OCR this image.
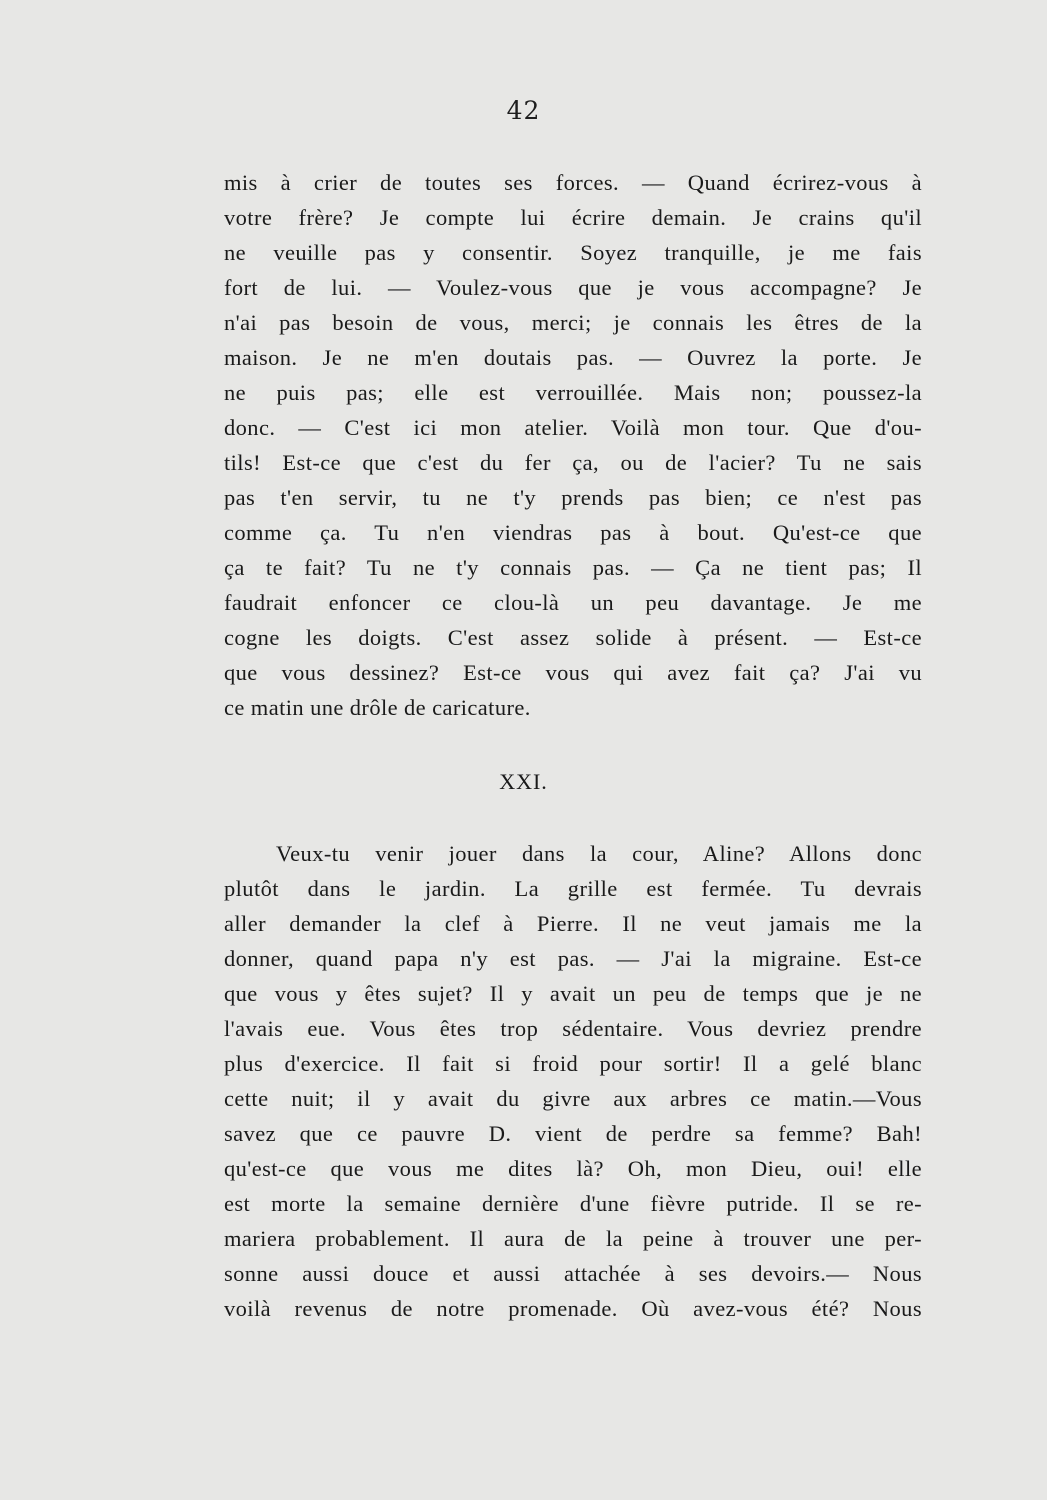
42
mis à crier de toutes ses forces. — Quand écrirez-vous à
votre frère? Je compte lui écrire demain. Je crains qu'il
ne veuille pas y consentir. Soyez tranquille, je me fais
fort de lui. — Voulez-vous que je vous accompagne? Je
n'ai pas besoin de vous, merci; je connais les êtres de la
maison. Je ne m'en doutais pas. — Ouvrez la porte. Je
ne puis pas; elle est verrouillée. Mais non; poussez-la
donc. — C'est ici mon atelier. Voilà mon tour. Que d'ou-
tils! Est-ce que c'est du fer ça, ou de l'acier? Tu ne sais
pas t'en servir, tu ne t'y prends pas bien; ce n'est pas
comme ça. Tu n'en viendras pas à bout. Qu'est-ce que
ça te fait? Tu ne t'y connais pas. — Ça ne tient pas; Il
faudrait enfoncer ce clou-là un peu davantage. Je me
cogne les doigts. C'est assez solide à présent. — Est-ce
que vous dessinez? Est-ce vous qui avez fait ça? J'ai vu
ce matin une drôle de caricature.
XXI.
Veux-tu venir jouer dans la cour, Aline? Allons donc
plutôt dans le jardin. La grille est fermée. Tu devrais
aller demander la clef à Pierre. Il ne veut jamais me la
donner, quand papa n'y est pas. — J'ai la migraine. Est-ce
que vous y êtes sujet? Il y avait un peu de temps que je ne
l'avais eue. Vous êtes trop sédentaire. Vous devriez prendre
plus d'exercice. Il fait si froid pour sortir! Il a gelé blanc
cette nuit; il y avait du givre aux arbres ce matin.—Vous
savez que ce pauvre D. vient de perdre sa femme? Bah!
qu'est-ce que vous me dites là? Oh, mon Dieu, oui! elle
est morte la semaine dernière d'une fièvre putride. Il se re-
mariera probablement. Il aura de la peine à trouver une per-
sonne aussi douce et aussi attachée à ses devoirs.— Nous
voilà revenus de notre promenade. Où avez-vous été? Nous
